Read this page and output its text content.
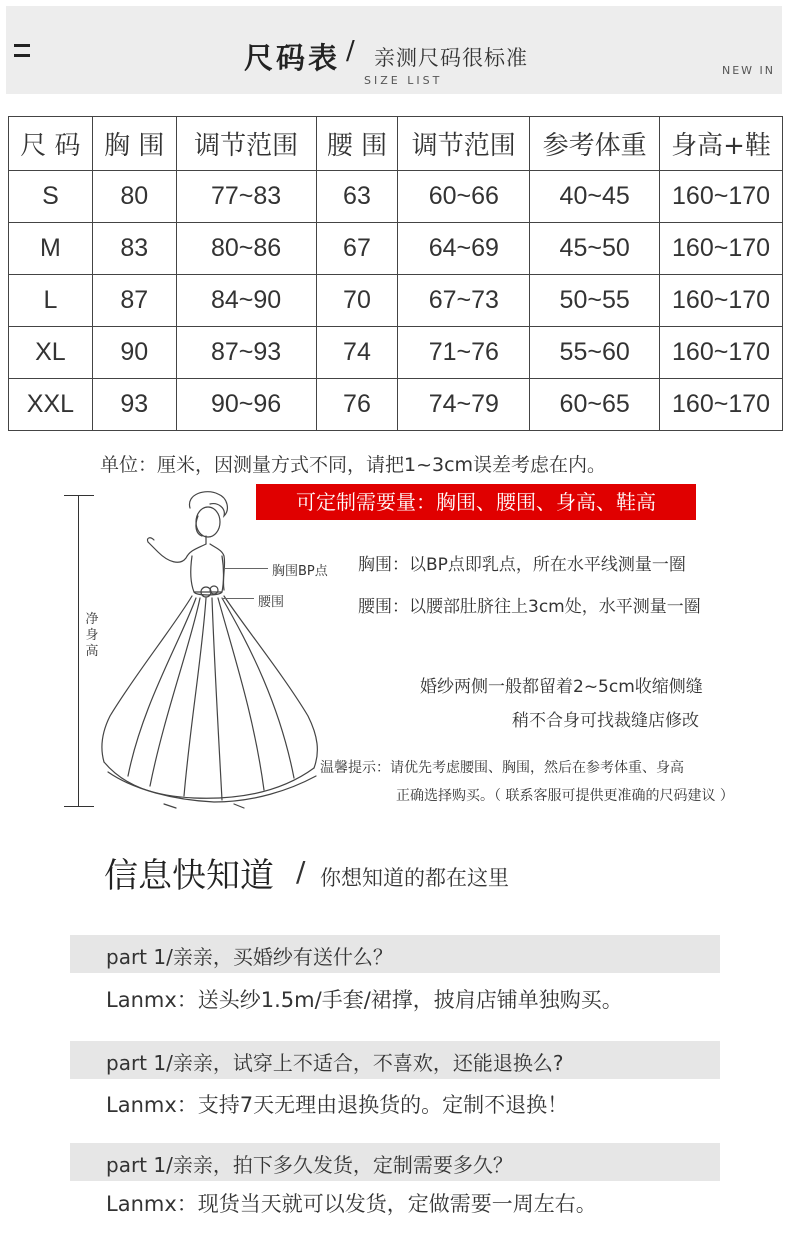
尺码表 / 亲测尺码很标准
SIZE LIST
NEW IN
尺 码	胸 围	调节范围	腰 围	调节范围	参考体重	身高+鞋
S	80	77~83	63	60~66	40~45	160~170
M	83	80~86	67	64~69	45~50	160~170
L	87	84~90	70	67~73	50~55	160~170
XL	90	87~93	74	71~76	55~60	160~170
XXL	93	90~96	76	74~79	60~65	160~170
单位：厘米，因测量方式不同，请把1~3cm误差考虑在内。
净身高
胸围BP点
腰围
可定制需要量：胸围、腰围、身高、鞋高
胸围：以BP点即乳点，所在水平线测量一圈
腰围：以腰部肚脐往上3cm处，水平测量一圈
婚纱两侧一般都留着2~5cm收缩侧缝
稍不合身可找裁缝店修改
温馨提示：请优先考虑腰围、胸围，然后在参考体重、身高
正确选择购买。（ 联系客服可提供更准确的尺码建议 ）
信息快知道 / 你想知道的都在这里
part 1/亲亲，买婚纱有送什么？
Lanmx：送头纱1.5m/手套/裙撑，披肩店铺单独购买。
part 1/亲亲，试穿上不适合，不喜欢，还能退换么?
Lanmx：支持7天无理由退换货的。定制不退换！
part 1/亲亲，拍下多久发货，定制需要多久？
Lanmx：现货当天就可以发货，定做需要一周左右。
